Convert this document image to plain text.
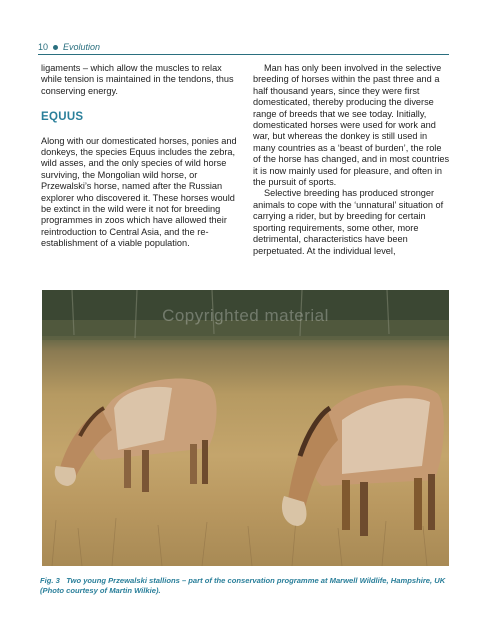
10 Evolution

ligaments – which allow the muscles to relax while tension is maintained in the tendons, thus conserving energy.

EQUUS

Along with our domesticated horses, ponies and donkeys, the species Equus includes the zebra, wild asses, and the only species of wild horse surviving, the Mongolian wild horse, or Przewalski’s horse, named after the Russian explorer who discovered it. These horses would be extinct in the wild were it not for breeding programmes in zoos which have allowed their reintroduction to Central Asia, and the re-establishment of a viable population.

Man has only been involved in the selective breeding of horses within the past three and a half thousand years, since they were first domesticated, thereby producing the diverse range of breeds that we see today. Initially, domesticated horses were used for work and war, but whereas the donkey is still used in many countries as a ‘beast of burden’, the role of the horse has changed, and in most countries it is now mainly used for pleasure, and often in the pursuit of sports.

Selective breeding has produced stronger animals to cope with the ‘unnatural’ situation of carrying a rider, but by breeding for certain sporting requirements, some other, more detrimental, characteristics have been perpetuated. At the individual level,

Copyrighted material
Fig. 3 Two young Przewalski stallions – part of the conservation programme at Marwell Wildlife, Hampshire, UK (Photo courtesy of Martin Wilkie).
